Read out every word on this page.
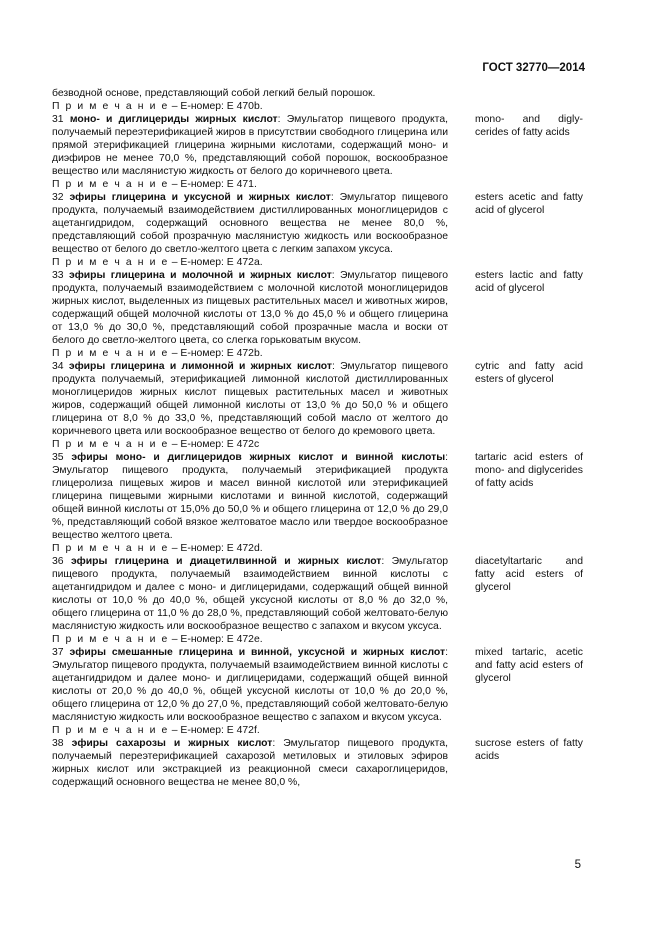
ГОСТ 32770—2014

безводной основе, представляющий собой легкий белый порошок.

П р и м е ч а н и е – Е-номер: Е 470b.

31 моно- и диглицериды жирных кислот: Эмульгатор пищевого продукта, получаемый переэтерификацией жиров в присутствии свободного глицерина или прямой этерификацией глицерина жирными кислотами, содержащий моно- и диэфиров не менее 70,0 %, представляющий собой порошок, воскообразное вещество или маслянистую жидкость от белого до коричневого цвета.

П р и м е ч а н и е – Е-номер: Е 471.

mono- and digly-cerides of fatty acids

32 эфиры глицерина и уксусной и жирных кислот: Эмульгатор пищевого продукта, получаемый взаимодействием дистиллированных моноглицеридов с ацетангидридом, содержащий основного вещества не менее 80,0 %, представляющий собой прозрачную маслянистую жидкость или воскообразное вещество от белого до светло-желтого цвета с легким запахом уксуса.

П р и м е ч а н и е – Е-номер: Е 472а.

esters acetic and fatty acid of glycerol

33 эфиры глицерина и молочной и жирных кислот: Эмульгатор пищевого продукта, получаемый взаимодействием с молочной кислотой моноглицеридов жирных кислот, выделенных из пищевых растительных масел и животных жиров, содержащий общей молочной кислоты от 13,0 % до 45,0 % и общего глицерина от 13,0 % до 30,0 %, представляющий собой прозрачные масла и воски от белого до светло-желтого цвета, со слегка горьковатым вкусом.

П р и м е ч а н и е – Е-номер: Е 472b.

esters lactic and fatty acid of glycerol

34 эфиры глицерина и лимонной и жирных кислот: Эмульгатор пищевого продукта получаемый, этерификацией лимонной кислотой дистиллированных моноглицеридов жирных кислот пищевых растительных масел и животных жиров, содержащий общей лимонной кислоты от 13,0 % до 50,0 % и общего глицерина от 8,0 % до 33,0 %, представляющий собой масло от желтого до коричневого цвета или воскообразное вещество от белого до кремового цвета.

П р и м е ч а н и е – Е-номер: Е 472с

cytric and fatty acid esters of glycerol

35 эфиры моно- и диглицеридов жирных кислот и винной кислоты: Эмульгатор пищевого продукта, получаемый этерификацией продукта глицеролиза пищевых жиров и масел винной кислотой или этерификацией глицерина пищевыми жирными кислотами и винной кислотой, содержащий общей винной кислоты от 15,0% до 50,0 % и общего глицерина от 12,0 % до 29,0 %, представляющий собой вязкое желтоватое масло или твердое воскообразное вещество желтого цвета.

П р и м е ч а н и е – Е-номер: Е 472d.

tartaric acid esters of mono- and diglycerides of fatty acids

36 эфиры глицерина и диацетилвинной и жирных кислот: Эмульгатор пищевого продукта, получаемый взаимодействием винной кислоты с ацетангидридом и далее с моно- и диглицеридами, содержащий общей винной кислоты от 10,0 % до 40,0 %, общей уксусной кислоты от 8,0 % до 32,0 %, общего глицерина от 11,0 % до 28,0 %, представляющий собой желтовато-белую маслянистую жидкость или воскообразное вещество с запахом и вкусом уксуса.

П р и м е ч а н и е – Е-номер: Е 472е.

diacetyltartaric and fatty acid esters of glycerol

37 эфиры смешанные глицерина и винной, уксусной и жирных кислот: Эмульгатор пищевого продукта, получаемый взаимодействием винной кислоты с ацетангидридом и далее моно- и диглицеридами, содержащий общей винной кислоты от 20,0 % до 40,0 %, общей уксусной кислоты от 10,0 % до 20,0 %, общего глицерина от 12,0 % до 27,0 %, представляющий собой желтовато-белую маслянистую жидкость или воскообразное вещество с запахом и вкусом уксуса.

П р и м е ч а н и е – Е-номер: Е 472f.

mixed tartaric, acetic and fatty acid esters of glycerol

38 эфиры сахарозы и жирных кислот: Эмульгатор пищевого продукта, получаемый переэтерификацией сахарозой метиловых и этиловых эфиров жирных кислот или экстракцией из реакционной смеси сахароглицеридов, содержащий основного вещества не менее 80,0 %,

sucrose esters of fatty acids
5
